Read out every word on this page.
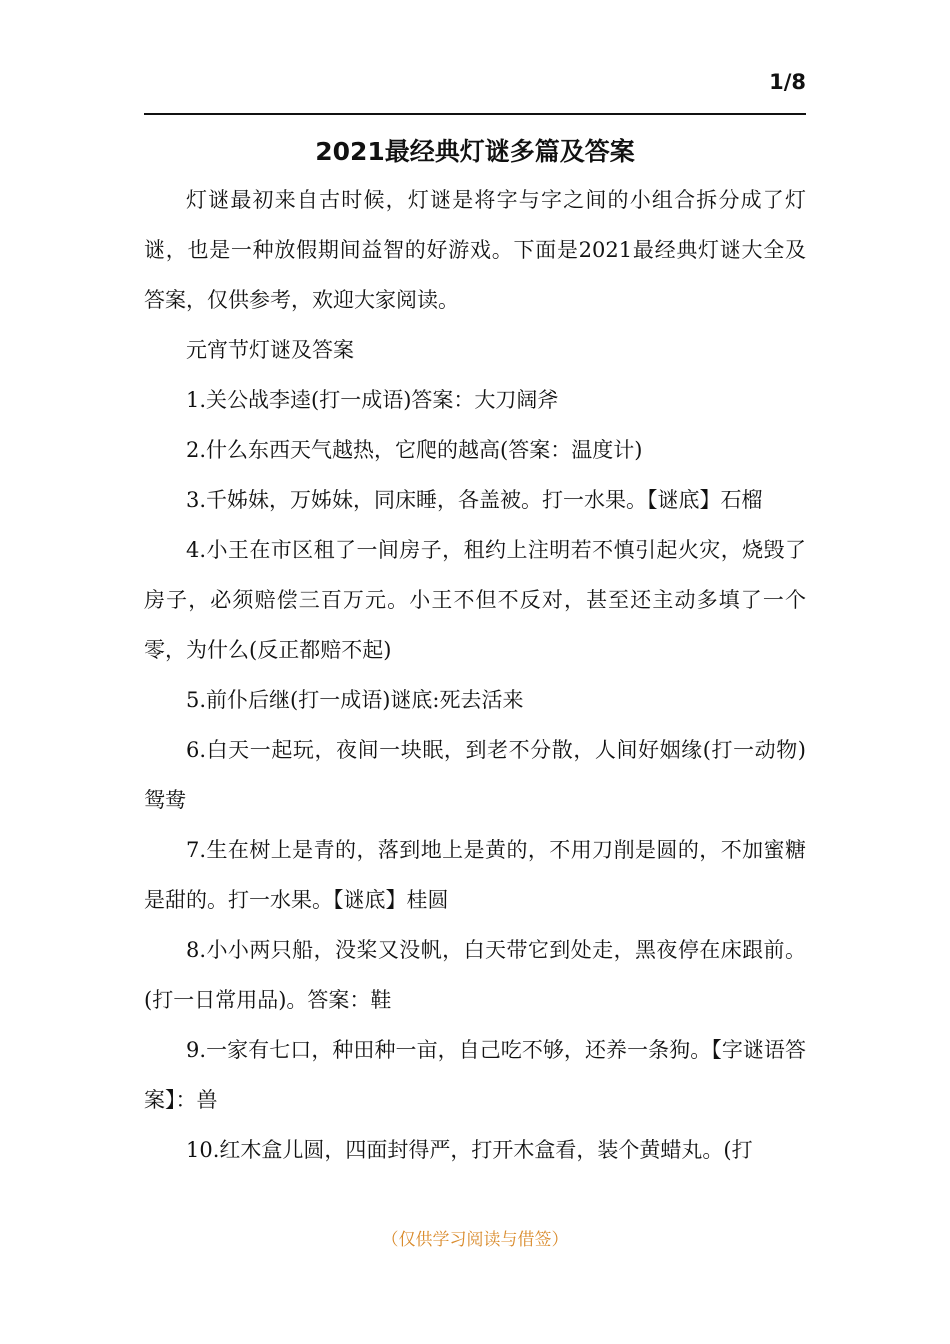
1/8
2021最经典灯谜多篇及答案

灯谜最初来自古时候，灯谜是将字与字之间的小组合拆分成了灯谜，也是一种放假期间益智的好游戏。下面是2021最经典灯谜大全及答案，仅供参考，欢迎大家阅读。

元宵节灯谜及答案

1.关公战李逵(打一成语)答案：大刀阔斧

2.什么东西天气越热，它爬的越高(答案：温度计)

3.千姊妹，万姊妹，同床睡，各盖被。打一水果。【谜底】石榴

4.小王在市区租了一间房子，租约上注明若不慎引起火灾，烧毁了房子，必须赔偿三百万元。小王不但不反对，甚至还主动多填了一个零，为什么(反正都赔不起)

5.前仆后继(打一成语)谜底:死去活来

6.白天一起玩，夜间一块眠，到老不分散，人间好姻缘(打一动物)鸳鸯

7.生在树上是青的，落到地上是黄的，不用刀削是圆的，不加蜜糖是甜的。打一水果。【谜底】桂圆

8.小小两只船，没桨又没帆，白天带它到处走，黑夜停在床跟前。(打一日常用品)。答案：鞋

9.一家有七口，种田种一亩，自己吃不够，还养一条狗。【字谜语答案】：兽

10.红木盒儿圆，四面封得严，打开木盒看，装个黄蜡丸。(打

（仅供学习阅读与借签）
